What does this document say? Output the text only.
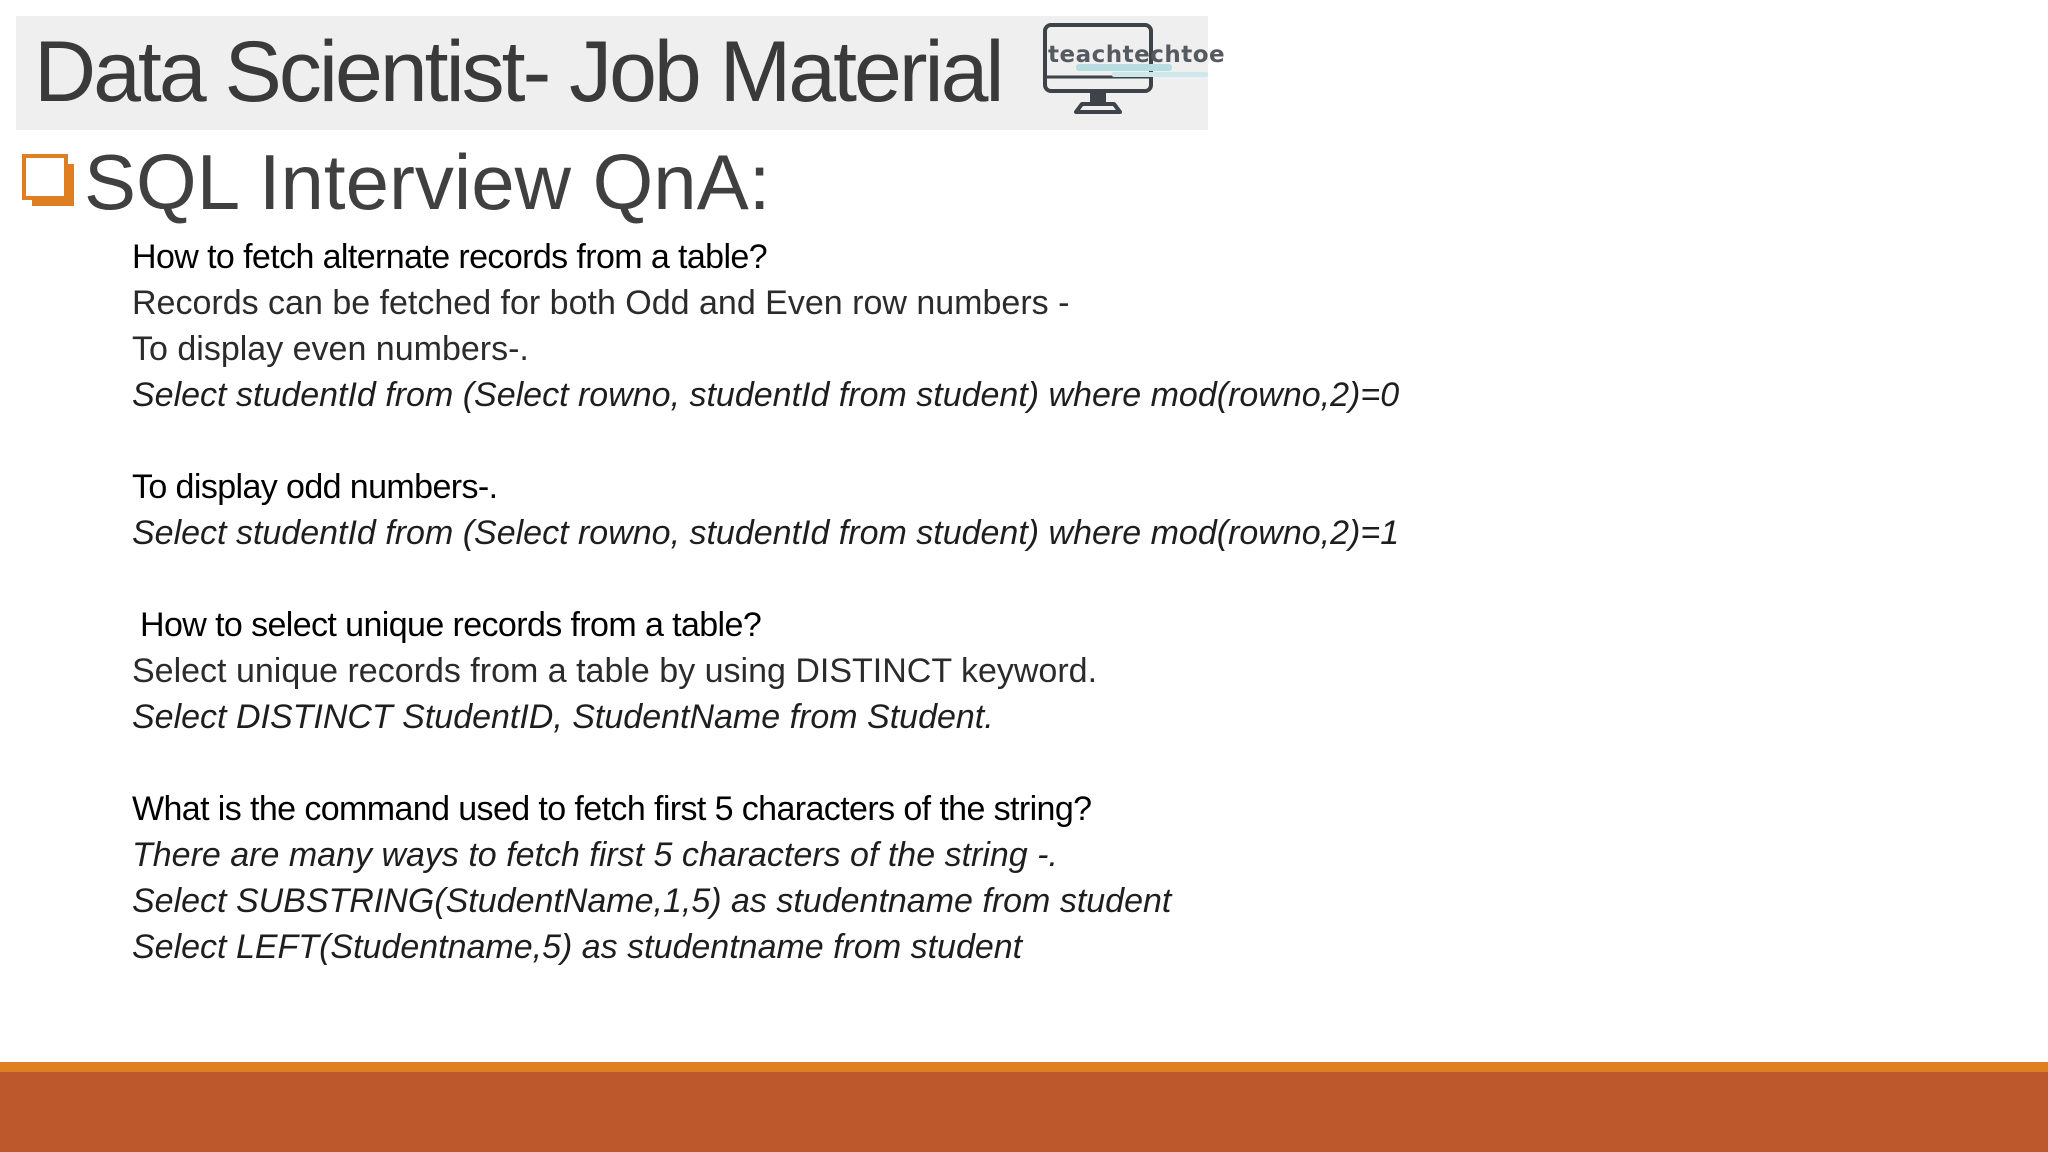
Data Scientist- Job Material teachtechtoe
SQL Interview QnA:
How to fetch alternate records from a table?
Records can be fetched for both Odd and Even row numbers -
To display even numbers-.
Select studentId from (Select rowno, studentId from student) where mod(rowno,2)=0
To display odd numbers-.
Select studentId from (Select rowno, studentId from student) where mod(rowno,2)=1
How to select unique records from a table?
Select unique records from a table by using DISTINCT keyword.
Select DISTINCT StudentID, StudentName from Student.
What is the command used to fetch first 5 characters of the string?
There are many ways to fetch first 5 characters of the string -.
Select SUBSTRING(StudentName,1,5) as studentname from student
Select LEFT(Studentname,5) as studentname from student
